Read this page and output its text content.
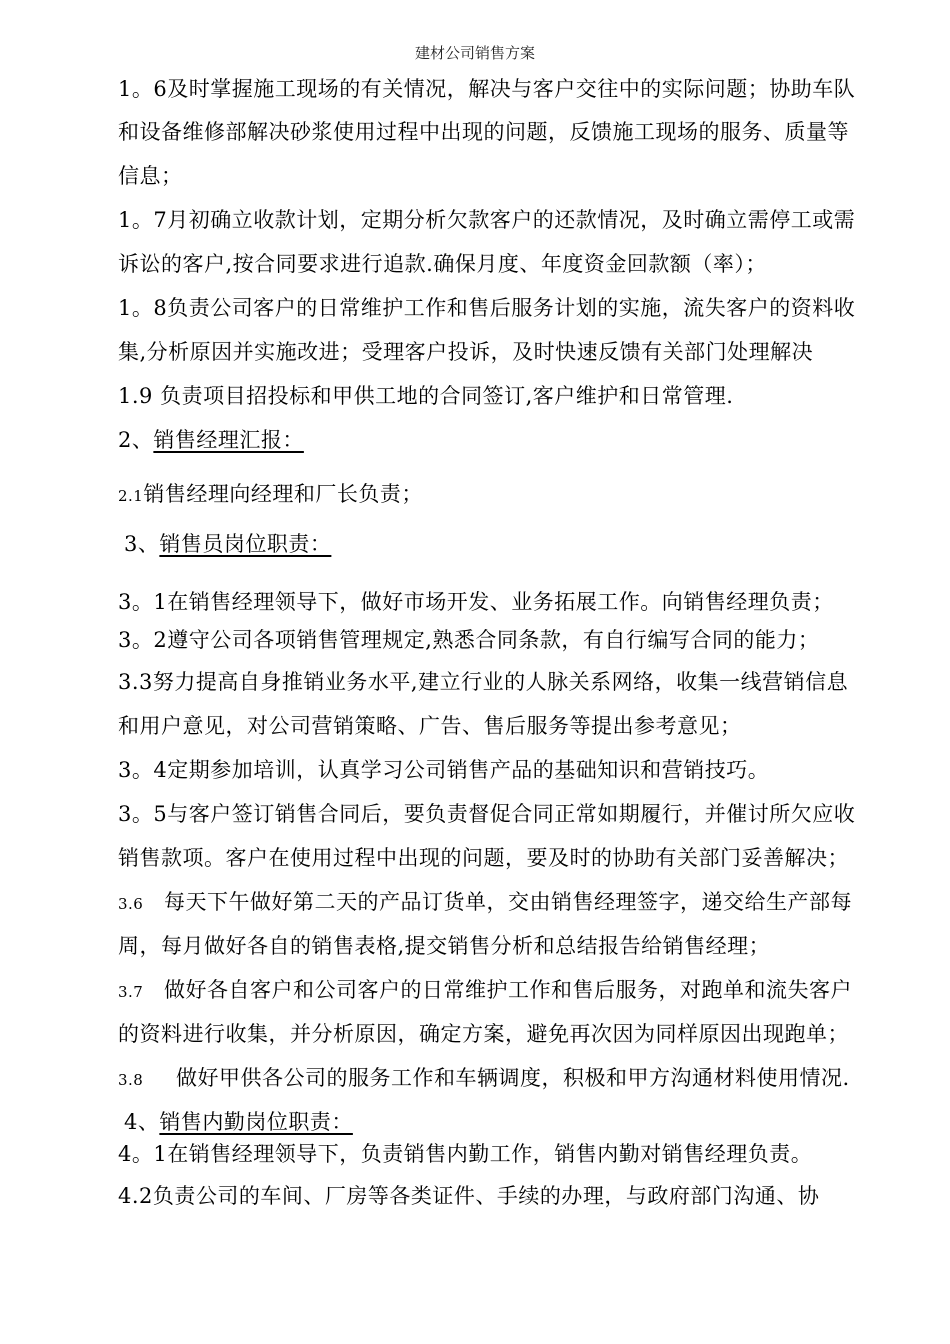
建材公司销售方案
1。6及时掌握施工现场的有关情况，解决与客户交往中的实际问题；协助车队
和设备维修部解决砂浆使用过程中出现的问题，反馈施工现场的服务、质量等
信息；
1。7月初确立收款计划，定期分析欠款客户的还款情况，及时确立需停工或需
诉讼的客户,按合同要求进行追款.确保月度、年度资金回款额（率）；
1。8负责公司客户的日常维护工作和售后服务计划的实施，流失客户的资料收
集,分析原因并实施改进；受理客户投诉，及时快速反馈有关部门处理解决
1.9 负责项目招投标和甲供工地的合同签订,客户维护和日常管理.
2、销售经理汇报：
2.1销售经理向经理和厂长负责；
3、销售员岗位职责：
3。1在销售经理领导下，做好市场开发、业务拓展工作。向销售经理负责；
3。2遵守公司各项销售管理规定,熟悉合同条款，有自行编写合同的能力；
3.3努力提高自身推销业务水平,建立行业的人脉关系网络，收集一线营销信息
和用户意见，对公司营销策略、广告、售后服务等提出参考意见；
3。4定期参加培训，认真学习公司销售产品的基础知识和营销技巧。
3。5与客户签订销售合同后，要负责督促合同正常如期履行，并催讨所欠应收
销售款项。客户在使用过程中出现的问题，要及时的协助有关部门妥善解决；
3.6 每天下午做好第二天的产品订货单，交由销售经理签字，递交给生产部每
周，每月做好各自的销售表格,提交销售分析和总结报告给销售经理；
3.7 做好各自客户和公司客户的日常维护工作和售后服务，对跑单和流失客户
的资料进行收集，并分析原因，确定方案，避免再次因为同样原因出现跑单；
3.8 做好甲供各公司的服务工作和车辆调度，积极和甲方沟通材料使用情况.
4、销售内勤岗位职责：
4。1在销售经理领导下，负责销售内勤工作，销售内勤对销售经理负责。
4.2负责公司的车间、厂房等各类证件、手续的办理，与政府部门沟通、协
